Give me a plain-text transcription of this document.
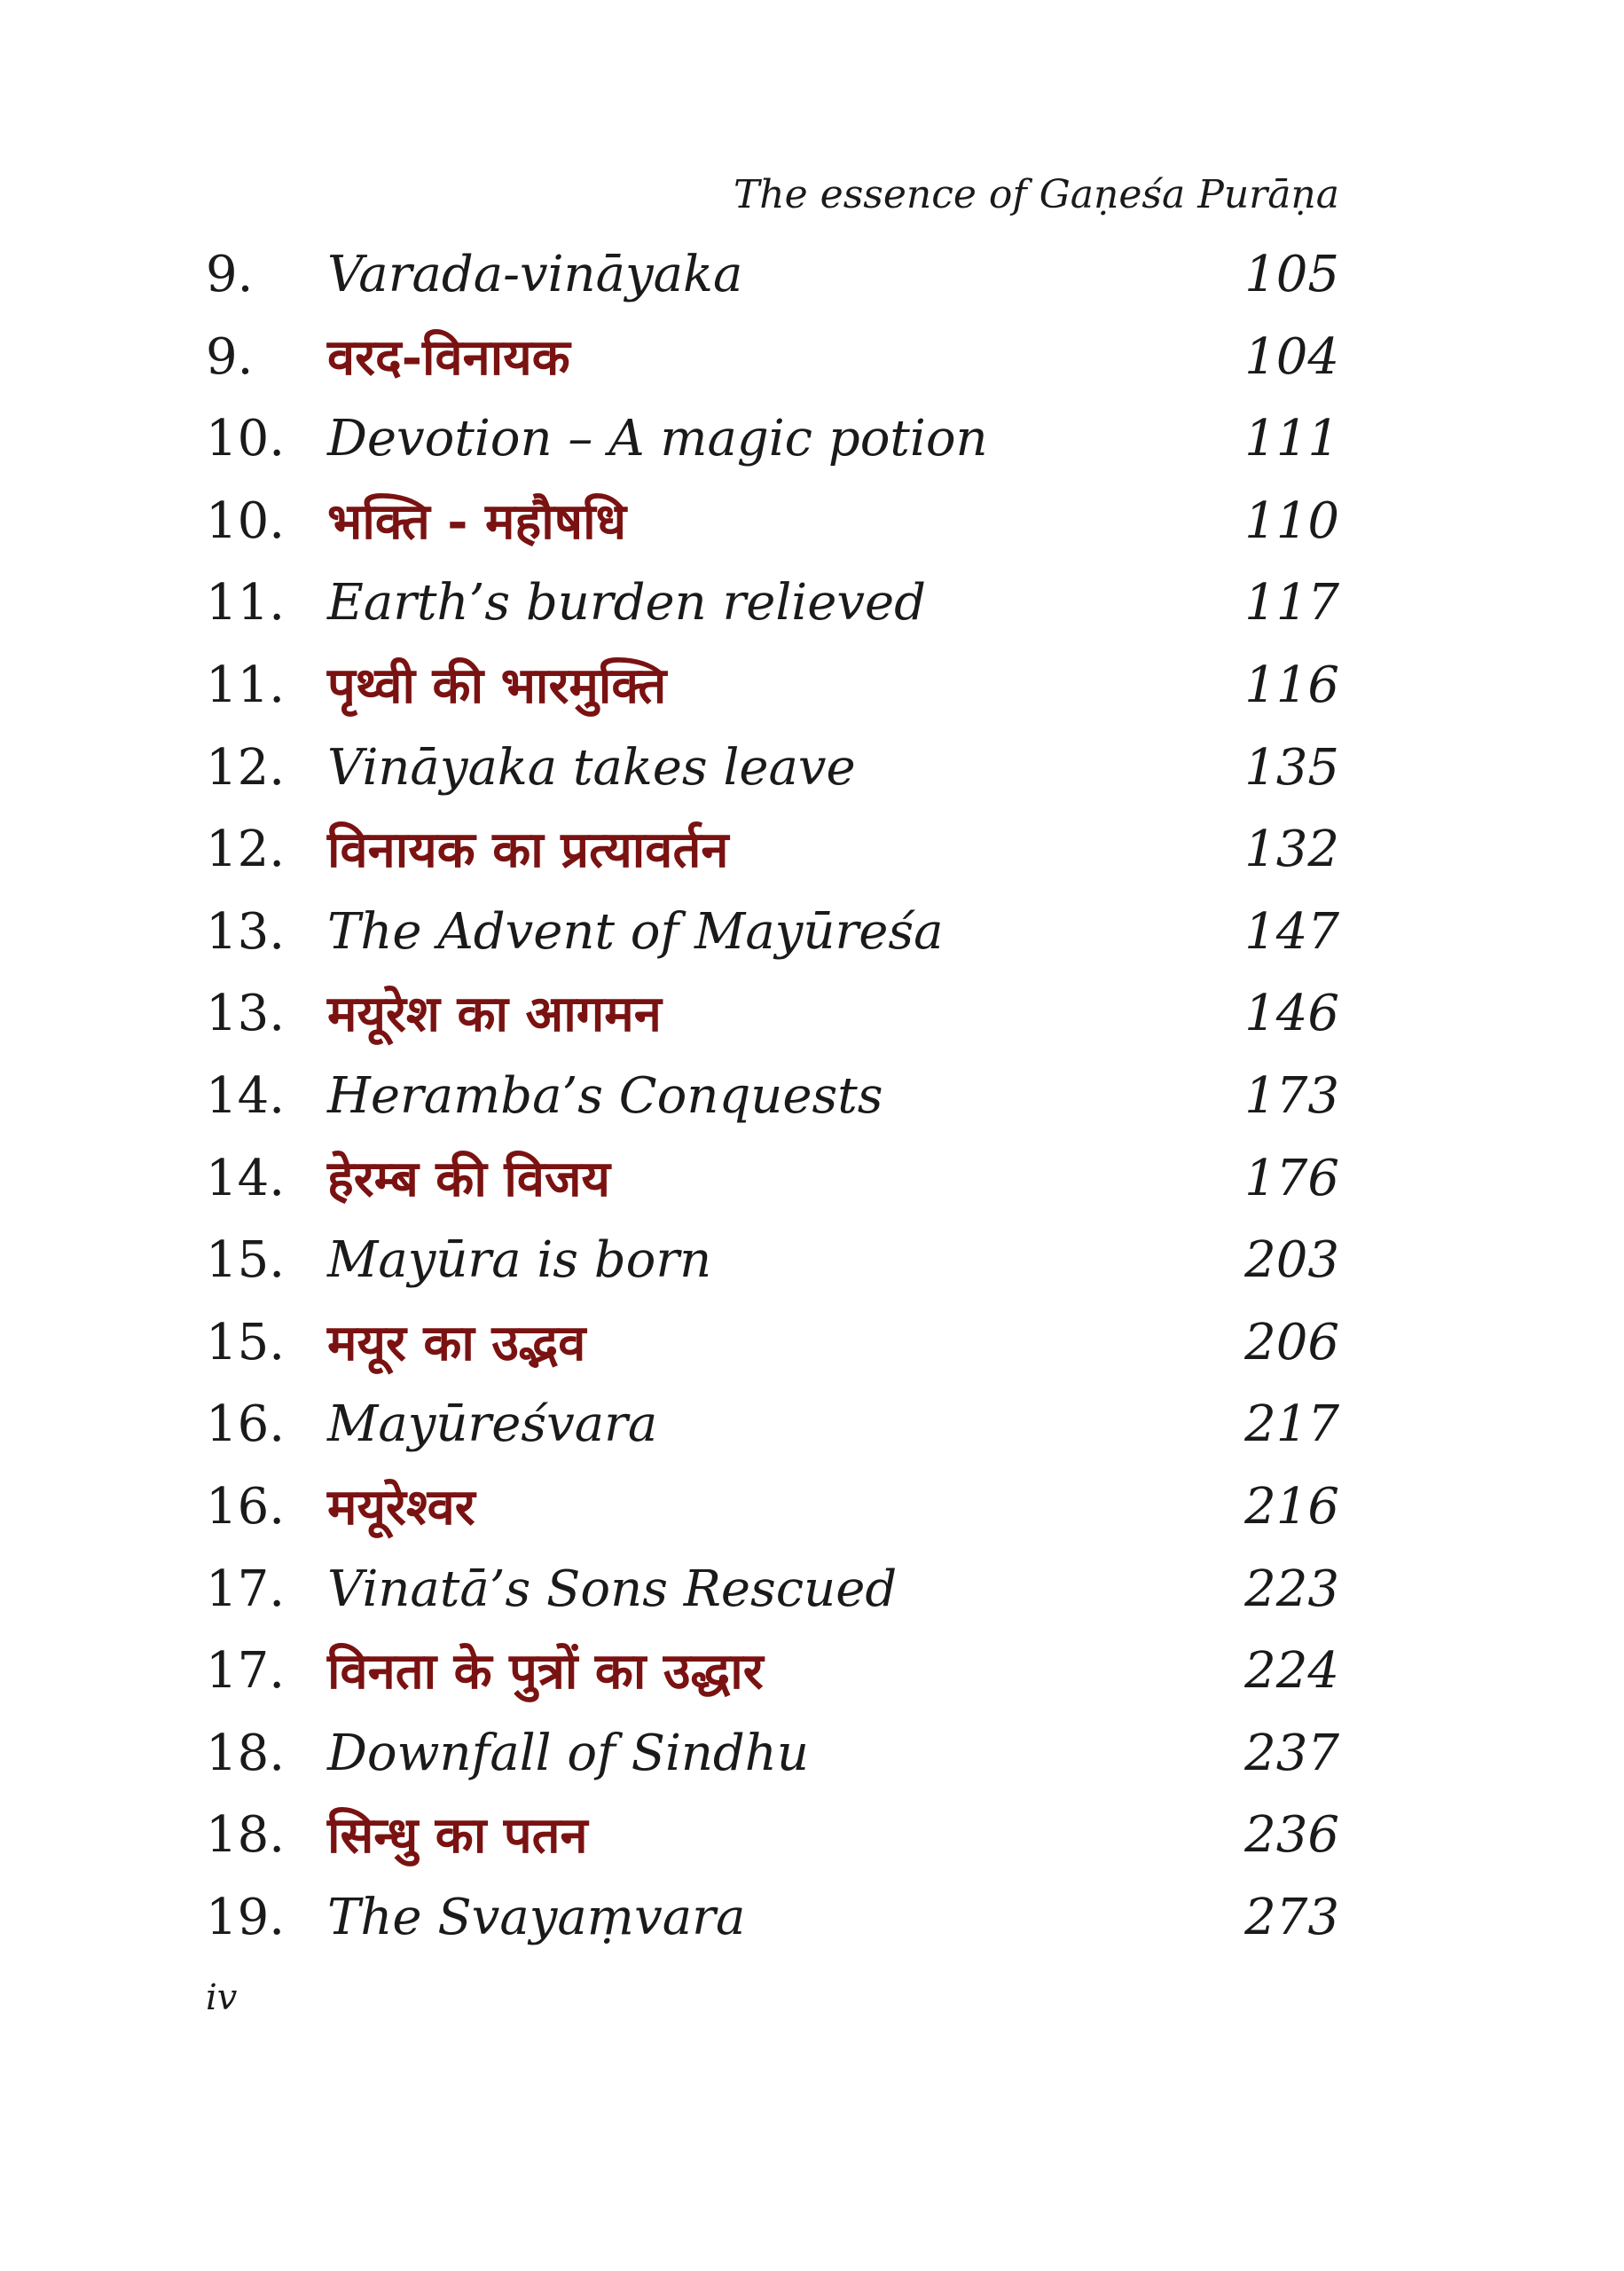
The essence of Gaṇeśa Purāṇa
9. Varada-vināyaka	105
9. वरद-विनायक	104
10. Devotion – A magic potion	111
10. भक्ति - महौषधि	110
11. Earth’s burden relieved	117
11. पृथ्वी की भारमुक्ति	116
12. Vināyaka takes leave	135
12. विनायक का प्रत्यावर्तन	132
13. The Advent of Mayūreśa	147
13. मयूरेश का आगमन	146
14. Heramba’s Conquests	173
14. हेरम्ब की विजय	176
15. Mayūra is born	203
15. मयूर का उद्भव	206
16. Mayūreśvara	217
16. मयूरेश्वर	216
17. Vinatā’s Sons Rescued	223
17. विनता के पुत्रों का उद्धार	224
18. Downfall of Sindhu	237
18. सिन्धु का पतन	236
19. The Svayaṃvara	273
iv
